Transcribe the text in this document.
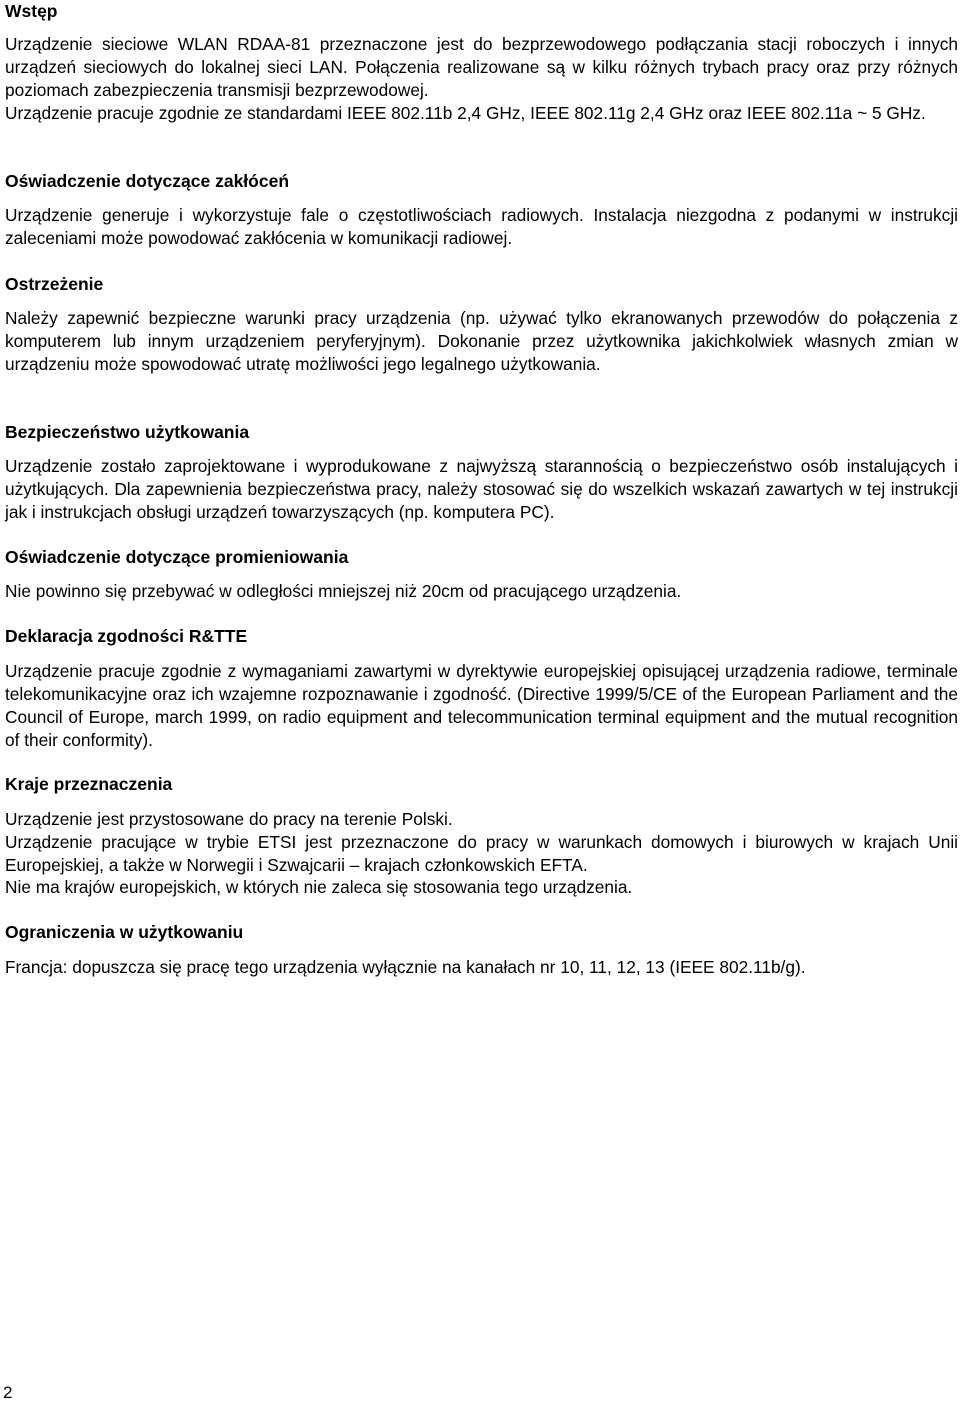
Wstęp

Urządzenie sieciowe WLAN RDAA-81 przeznaczone jest do bezprzewodowego podłączania stacji roboczych i innych urządzeń sieciowych do lokalnej sieci LAN. Połączenia realizowane są w kilku różnych trybach pracy oraz przy różnych poziomach zabezpieczenia transmisji bezprzewodowej.

Urządzenie pracuje zgodnie ze standardami IEEE 802.11b 2,4 GHz, IEEE 802.11g 2,4 GHz oraz IEEE 802.11a ~ 5 GHz.

Oświadczenie dotyczące zakłóceń

Urządzenie generuje i wykorzystuje fale o częstotliwościach radiowych. Instalacja niezgodna z podanymi w instrukcji zaleceniami może powodować zakłócenia w komunikacji radiowej.

Ostrzeżenie

Należy zapewnić bezpieczne warunki pracy urządzenia (np. używać tylko ekranowanych przewodów do połączenia z komputerem lub innym urządzeniem peryferyjnym). Dokonanie przez użytkownika jakichkolwiek własnych zmian w urządzeniu może spowodować utratę możliwości jego legalnego użytkowania.

Bezpieczeństwo użytkowania

Urządzenie zostało zaprojektowane i wyprodukowane z najwyższą starannością o bezpieczeństwo osób instalujących i użytkujących. Dla zapewnienia bezpieczeństwa pracy, należy stosować się do wszelkich wskazań zawartych w tej instrukcji jak i instrukcjach obsługi urządzeń towarzyszących (np. komputera PC).

Oświadczenie dotyczące promieniowania

Nie powinno się przebywać w odległości mniejszej niż 20cm od pracującego urządzenia.

Deklaracja zgodności R&TTE

Urządzenie pracuje zgodnie z wymaganiami zawartymi w dyrektywie europejskiej opisującej urządzenia radiowe, terminale telekomunikacyjne oraz ich wzajemne rozpoznawanie i zgodność. (Directive 1999/5/CE of the European Parliament and the Council of Europe, march 1999, on radio equipment and telecommunication terminal equipment and the mutual recognition of their conformity).

Kraje przeznaczenia

Urządzenie jest przystosowane do pracy na terenie Polski.

Urządzenie pracujące w trybie ETSI jest przeznaczone do pracy w warunkach domowych i biurowych w krajach Unii Europejskiej, a także w Norwegii i Szwajcarii – krajach członkowskich EFTA.

Nie ma krajów europejskich, w których nie zaleca się stosowania tego urządzenia.

Ograniczenia w użytkowaniu

Francja: dopuszcza się pracę tego urządzenia wyłącznie na kanałach nr 10, 11, 12, 13 (IEEE 802.11b/g).

2
